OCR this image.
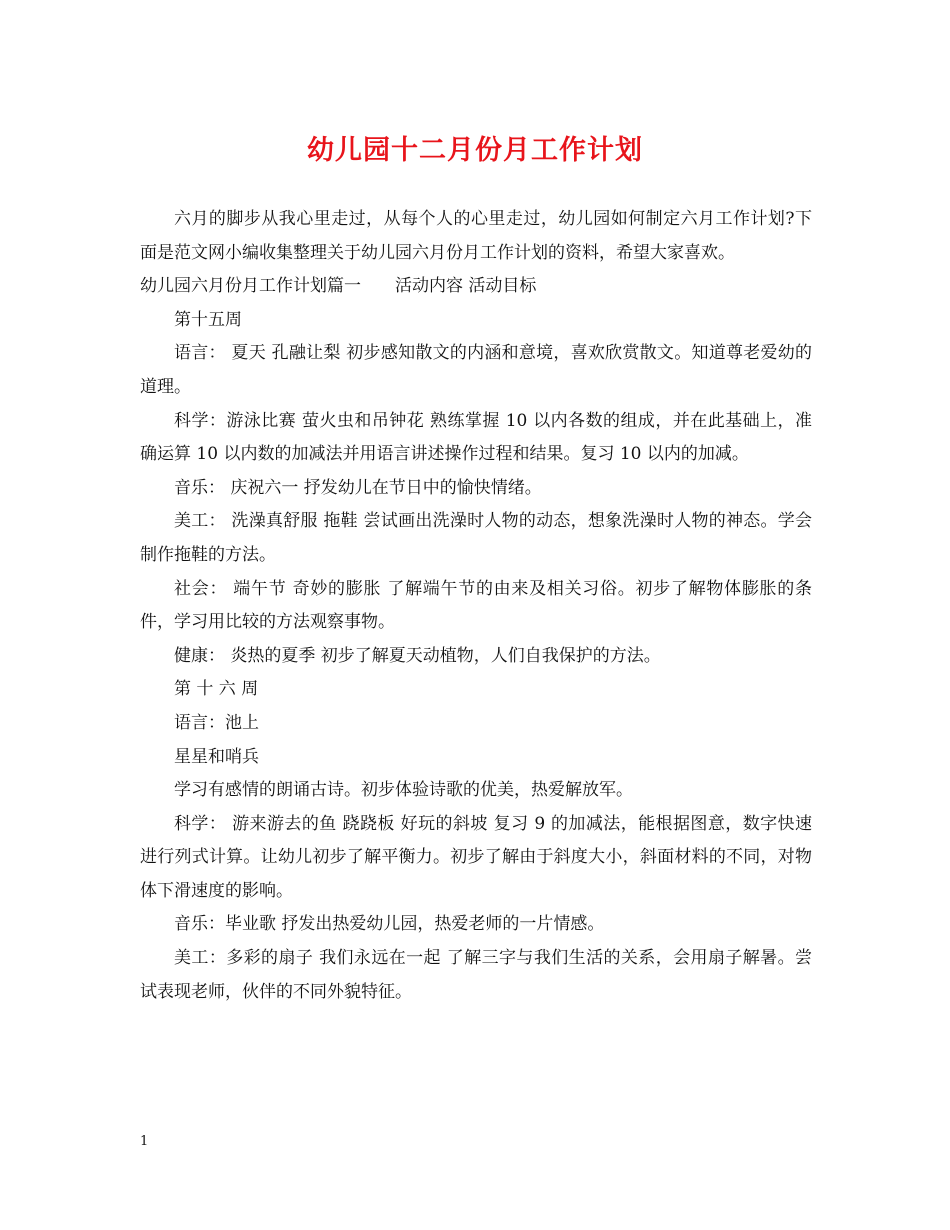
幼儿园十二月份月工作计划

六月的脚步从我心里走过，从每个人的心里走过，幼儿园如何制定六月工作计划?下面是范文网小编收集整理关于幼儿园六月份月工作计划的资料，希望大家喜欢。

幼儿园六月份月工作计划篇一　　活动内容 活动目标

第十五周

语言： 夏天 孔融让梨 初步感知散文的内涵和意境，喜欢欣赏散文。知道尊老爱幼的道理。

科学：游泳比赛 萤火虫和吊钟花 熟练掌握 10 以内各数的组成，并在此基础上，准确运算 10 以内数的加减法并用语言讲述操作过程和结果。复习 10 以内的加减。

音乐： 庆祝六一 抒发幼儿在节日中的愉快情绪。

美工： 洗澡真舒服 拖鞋 尝试画出洗澡时人物的动态，想象洗澡时人物的神态。学会制作拖鞋的方法。

社会： 端午节 奇妙的膨胀 了解端午节的由来及相关习俗。初步了解物体膨胀的条件，学习用比较的方法观察事物。

健康： 炎热的夏季 初步了解夏天动植物，人们自我保护的方法。

第 十 六 周

语言：池上

星星和哨兵

学习有感情的朗诵古诗。初步体验诗歌的优美，热爱解放军。

科学： 游来游去的鱼 跷跷板 好玩的斜坡 复习 9 的加减法，能根据图意，数字快速进行列式计算。让幼儿初步了解平衡力。初步了解由于斜度大小，斜面材料的不同，对物体下滑速度的影响。

音乐：毕业歌 抒发出热爱幼儿园，热爱老师的一片情感。

美工：多彩的扇子 我们永远在一起 了解三字与我们生活的关系，会用扇子解暑。尝试表现老师，伙伴的不同外貌特征。

1
